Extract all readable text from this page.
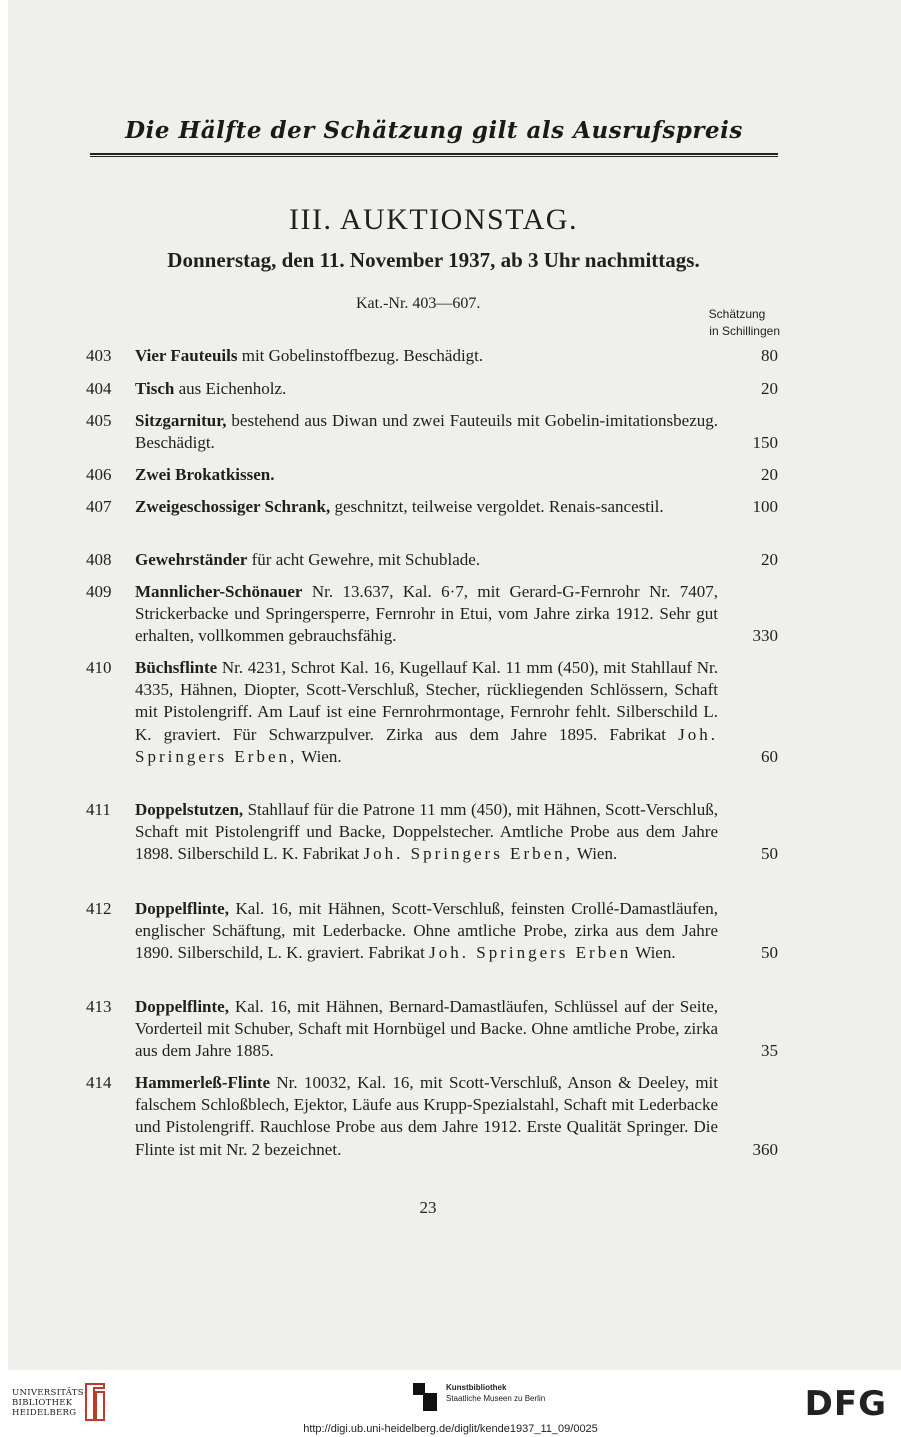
Die Hälfte der Schätzung gilt als Ausrufspreis
III. AUKTIONSTAG.
Donnerstag, den 11. November 1937, ab 3 Uhr nachmittags.
Kat.-Nr. 403—607.
Schätzung
in Schillingen
403	Vier Fauteuils mit Gobelinstoffbezug. Beschädigt.	80
404	Tisch aus Eichenholz.	20
405	Sitzgarnitur, bestehend aus Diwan und zwei Fauteuils mit Gobelin-imitationsbezug. Beschädigt.	150
406	Zwei Brokatkissen.	20
407	Zweigeschossiger Schrank, geschnitzt, teilweise vergoldet. Renais-sancestil.	100
408	Gewehrständer für acht Gewehre, mit Schublade.	20
409	Mannlicher-Schönauer Nr. 13.637, Kal. 6·7, mit Gerard-G-Fernrohr Nr. 7407, Strickerbacke und Springersperre, Fernrohr in Etui, vom Jahre zirka 1912. Sehr gut erhalten, vollkommen gebrauchsfähig.	330
410	Büchsflinte Nr. 4231, Schrot Kal. 16, Kugellauf Kal. 11 mm (450), mit Stahllauf Nr. 4335, Hähnen, Diopter, Scott-Verschluß, Stecher, rückliegenden Schlössern, Schaft mit Pistolengriff. Am Lauf ist eine Fernrohrmontage, Fernrohr fehlt. Silberschild L. K. graviert. Für Schwarzpulver. Zirka aus dem Jahre 1895. Fabrikat Joh. Springers Erben, Wien.	60
411	Doppelstutzen, Stahllauf für die Patrone 11 mm (450), mit Hähnen, Scott-Verschluß, Schaft mit Pistolengriff und Backe, Doppelstecher. Amtliche Probe aus dem Jahre 1898. Silberschild L. K. Fabrikat Joh. Springers Erben, Wien.	50
412	Doppelflinte, Kal. 16, mit Hähnen, Scott-Verschluß, feinsten Crollé-Damastläufen, englischer Schäftung, mit Lederbacke. Ohne amtliche Probe, zirka aus dem Jahre 1890. Silberschild, L. K. graviert. Fabrikat Joh. Springers Erben Wien.	50
413	Doppelflinte, Kal. 16, mit Hähnen, Bernard-Damastläufen, Schlüssel auf der Seite, Vorderteil mit Schuber, Schaft mit Hornbügel und Backe. Ohne amtliche Probe, zirka aus dem Jahre 1885.	35
414	Hammerleß-Flinte Nr. 10032, Kal. 16, mit Scott-Verschluß, Anson & Deeley, mit falschem Schloßblech, Ejektor, Läufe aus Krupp-Spezialstahl, Schaft mit Lederbacke und Pistolengriff. Rauchlose Probe aus dem Jahre 1912. Erste Qualität Springer. Die Flinte ist mit Nr. 2 bezeichnet.	360
23
UNIVERSITÄTS-
BIBLIOTHEK
HEIDELBERG
Kunstbibliothek
Staatliche Museen zu Berlin	DFG
http://digi.ub.uni-heidelberg.de/diglit/kende1937_11_09/0025
